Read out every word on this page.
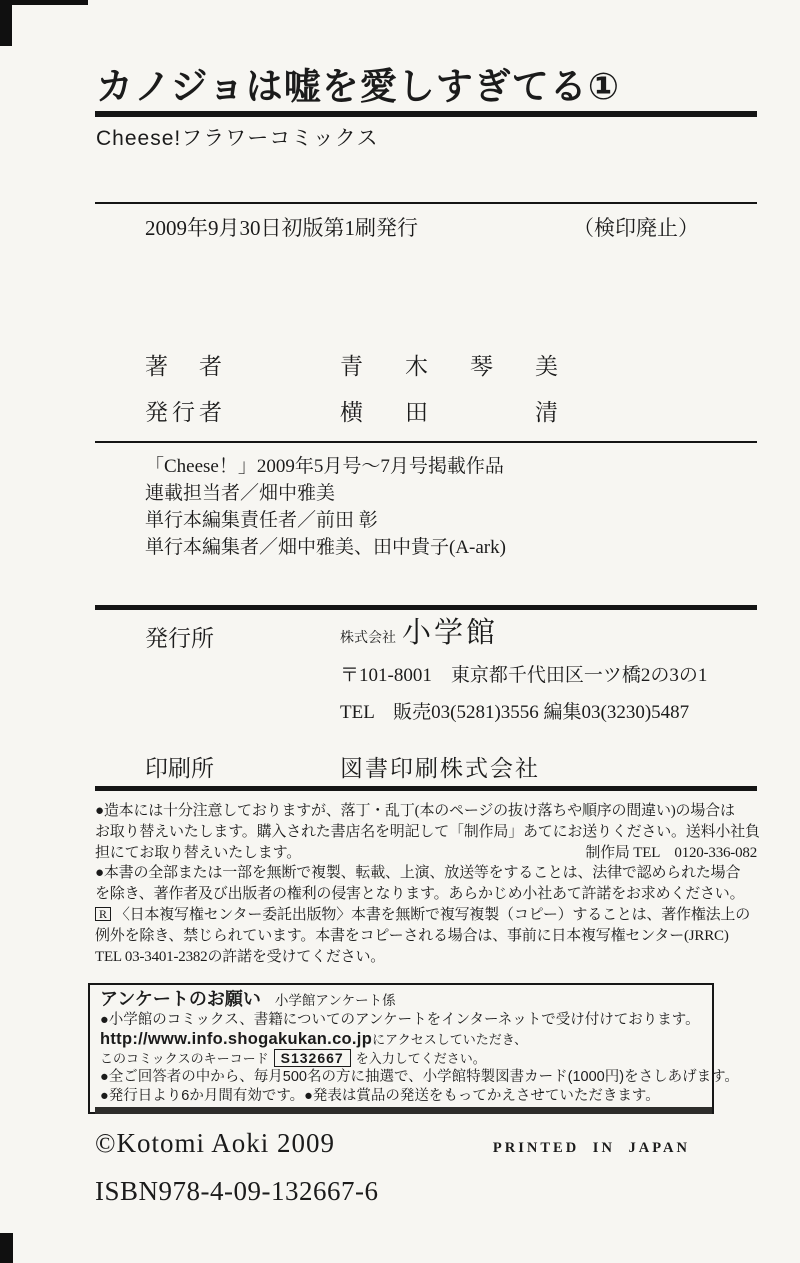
カノジョは嘘を愛しすぎてる①
Cheese!フラワーコミックス
2009年9月30日初版第1刷発行	（検印廃止）
著　者	青木琴美
発行者	横田　清
「Cheese！」2009年5月号～7月号掲載作品
連載担当者／畑中雅美
単行本編集責任者／前田 彰
単行本編集者／畑中雅美、田中貴子(A-ark)
発行所	株式会社 小学館
〒101-8001　東京都千代田区一ツ橋2の3の1
TEL　販売03(5281)3556 編集03(3230)5487
印刷所	図書印刷株式会社
●造本には十分注意しておりますが、落丁・乱丁(本のページの抜け落ちや順序の間違い)の場合は
お取り替えいたします。購入された書店名を明記して「制作局」あてにお送りください。送料小社負
担にてお取り替えいたします。	制作局 TEL　0120-336-082
●本書の全部または一部を無断で複製、転載、上演、放送等をすることは、法律で認められた場合
を除き、著作者及び出版者の権利の侵害となります。あらかじめ小社あて許諾をお求めください。
R 〈日本複写権センター委託出版物〉本書を無断で複写複製（コピー）することは、著作権法上の
例外を除き、禁じられています。本書をコピーされる場合は、事前に日本複写権センター(JRRC)
TEL 03-3401-2382の許諾を受けてください。
アンケートのお願い 小学館アンケート係
●小学館のコミックス、書籍についてのアンケートをインターネットで受け付けております。
http://www.info.shogakukan.co.jpにアクセスしていただき、
このコミックスのキーコード S132667 を入力してください。
●全ご回答者の中から、毎月500名の方に抽選で、小学館特製図書カード(1000円)をさしあげます。
●発行日より6か月間有効です。●発表は賞品の発送をもってかえさせていただきます。
©Kotomi Aoki 2009	PRINTED IN JAPAN
ISBN978-4-09-132667-6
